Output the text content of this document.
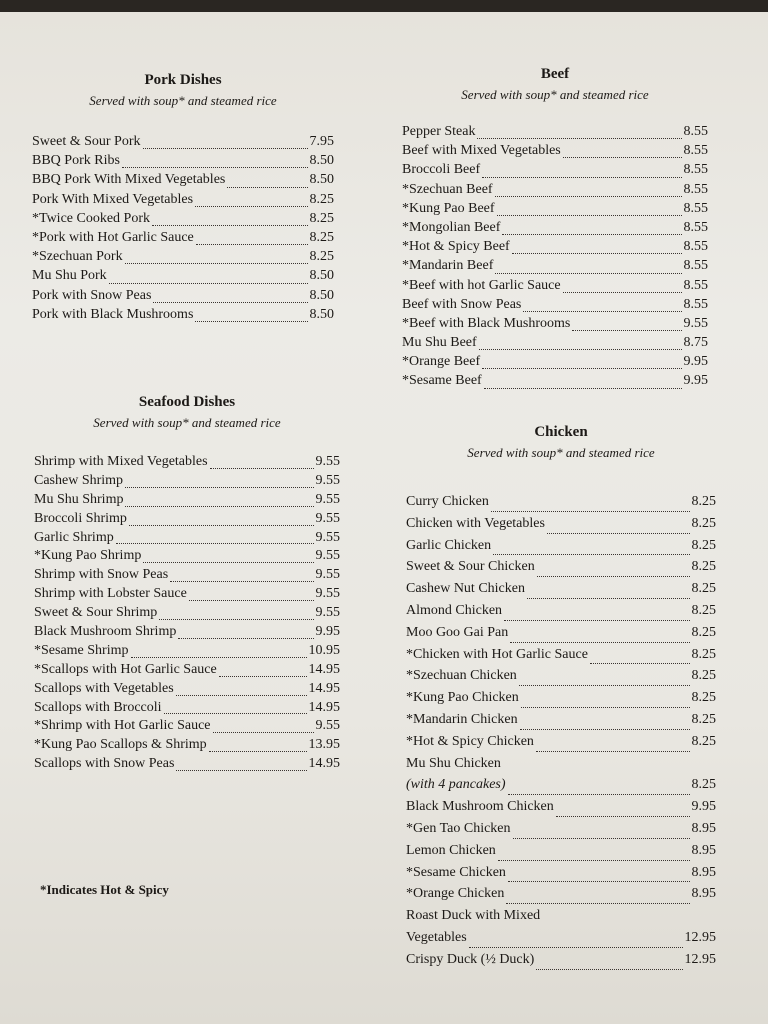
Pork Dishes
Served with soup* and steamed rice
Sweet & Sour Pork	7.95
BBQ Pork Ribs	8.50
BBQ Pork With Mixed Vegetables	8.50
Pork With Mixed Vegetables	8.25
*Twice Cooked Pork	8.25
*Pork with Hot Garlic Sauce	8.25
*Szechuan Pork	8.25
Mu Shu Pork	8.50
Pork with Snow Peas	8.50
Pork with Black Mushrooms	8.50
Seafood Dishes
Served with soup* and steamed rice
Shrimp with Mixed Vegetables	9.55
Cashew Shrimp	9.55
Mu Shu Shrimp	9.55
Broccoli Shrimp	9.55
Garlic Shrimp	9.55
*Kung Pao Shrimp	9.55
Shrimp with Snow Peas	9.55
Shrimp with Lobster Sauce	9.55
Sweet & Sour Shrimp	9.55
Black Mushroom Shrimp	9.95
*Sesame Shrimp	10.95
*Scallops with Hot Garlic Sauce	14.95
Scallops with Vegetables	14.95
Scallops with Broccoli	14.95
*Shrimp with Hot Garlic Sauce	9.55
*Kung Pao Scallops & Shrimp	13.95
Scallops with Snow Peas	14.95
*Indicates Hot & Spicy
Beef
Served with soup* and steamed rice
Pepper Steak	8.55
Beef with Mixed Vegetables	8.55
Broccoli Beef	8.55
*Szechuan Beef	8.55
*Kung Pao Beef	8.55
*Mongolian Beef	8.55
*Hot & Spicy Beef	8.55
*Mandarin Beef	8.55
*Beef with hot Garlic Sauce	8.55
Beef with Snow Peas	8.55
*Beef with Black Mushrooms	9.55
Mu Shu Beef	8.75
*Orange Beef	9.95
*Sesame Beef	9.95
Chicken
Served with soup* and steamed rice
Curry Chicken	8.25
Chicken with Vegetables	8.25
Garlic Chicken	8.25
Sweet & Sour Chicken	8.25
Cashew Nut Chicken	8.25
Almond Chicken	8.25
Moo Goo Gai Pan	8.25
*Chicken with Hot Garlic Sauce	8.25
*Szechuan Chicken	8.25
*Kung Pao Chicken	8.25
*Mandarin Chicken	8.25
*Hot & Spicy Chicken	8.25
Mu Shu Chicken
(with 4 pancakes)	8.25
Black Mushroom Chicken	9.95
*Gen Tao Chicken	8.95
Lemon Chicken	8.95
*Sesame Chicken	8.95
*Orange Chicken	8.95
Roast Duck with Mixed
Vegetables	12.95
Crispy Duck (½ Duck)	12.95
